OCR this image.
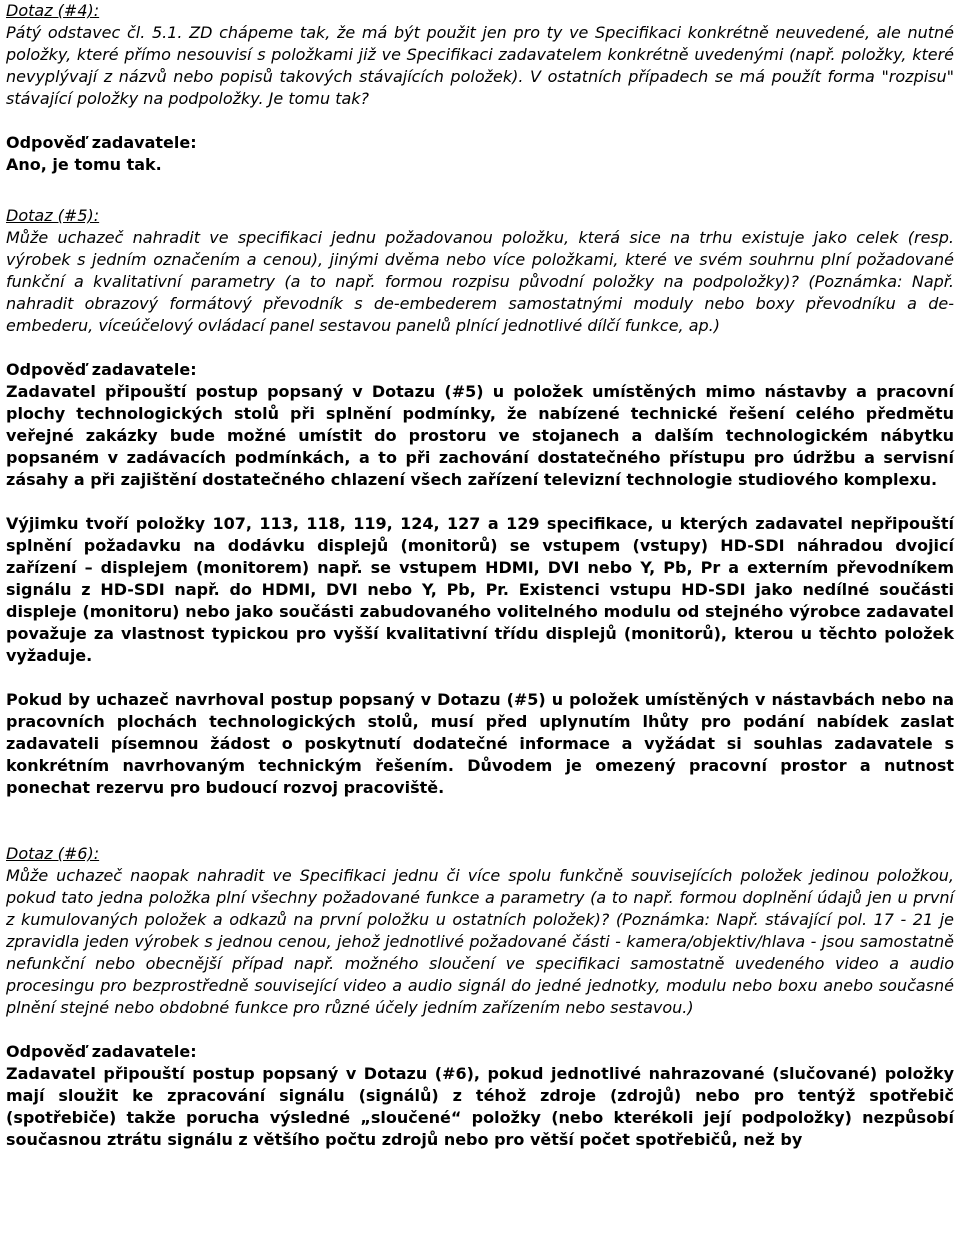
Dotaz (#4):

Pátý odstavec čl. 5.1. ZD chápeme tak, že má být použit jen pro ty ve Specifikaci konkrétně neuvedené, ale nutné položky, které přímo nesouvisí s položkami již ve Specifikaci zadavatelem konkrétně uvedenými (např. položky, které nevyplývají z názvů nebo popisů takových stávajících položek). V ostatních případech se má použít forma "rozpisu" stávající položky na podpoložky. Je tomu tak?

Odpověď zadavatele:

Ano, je tomu tak.

Dotaz (#5):

Může uchazeč nahradit ve specifikaci jednu požadovanou položku, která sice na trhu existuje jako celek (resp. výrobek s jedním označením a cenou), jinými dvěma nebo více položkami, které ve svém souhrnu plní požadované funkční a kvalitativní parametry (a to např. formou rozpisu původní položky na podpoložky)? (Poznámka: Např. nahradit obrazový formátový převodník s de-embederem samostatnými moduly nebo boxy převodníku a de-embederu, víceúčelový ovládací panel sestavou panelů plnící jednotlivé dílčí funkce, ap.)

Odpověď zadavatele:

Zadavatel připouští postup popsaný v Dotazu (#5) u položek umístěných mimo nástavby a pracovní plochy technologických stolů při splnění podmínky, že nabízené technické řešení celého předmětu veřejné zakázky bude možné umístit do prostoru ve stojanech a dalším technologickém nábytku popsaném v zadávacích podmínkách, a to při zachování dostatečného přístupu pro údržbu a servisní zásahy a při zajištění dostatečného chlazení všech zařízení televizní technologie studiového komplexu.

Výjimku tvoří položky 107, 113, 118, 119, 124, 127 a 129 specifikace, u kterých zadavatel nepřipouští splnění požadavku na dodávku displejů (monitorů) se vstupem (vstupy) HD-SDI náhradou dvojicí zařízení – displejem (monitorem) např. se vstupem HDMI, DVI nebo Y, Pb, Pr a externím převodníkem signálu z HD-SDI např. do HDMI, DVI nebo Y, Pb, Pr. Existenci vstupu HD-SDI jako nedílné součásti displeje (monitoru) nebo jako součásti zabudovaného volitelného modulu od stejného výrobce zadavatel považuje za vlastnost typickou pro vyšší kvalitativní třídu displejů (monitorů), kterou u těchto položek vyžaduje.

Pokud by uchazeč navrhoval postup popsaný v Dotazu (#5) u položek umístěných v nástavbách nebo na pracovních plochách technologických stolů, musí před uplynutím lhůty pro podání nabídek zaslat zadavateli písemnou žádost o poskytnutí dodatečné informace a vyžádat si souhlas zadavatele s konkrétním navrhovaným technickým řešením. Důvodem je omezený pracovní prostor a nutnost ponechat rezervu pro budoucí rozvoj pracoviště.

Dotaz (#6):

Může uchazeč naopak nahradit ve Specifikaci jednu či více spolu funkčně souvisejících položek jedinou položkou, pokud tato jedna položka plní všechny požadované funkce a parametry (a to např. formou doplnění údajů jen u první z kumulovaných položek a odkazů na první položku u ostatních položek)? (Poznámka: Např. stávající pol. 17 - 21 je zpravidla jeden výrobek s jednou cenou, jehož jednotlivé požadované části - kamera/objektiv/hlava - jsou samostatně nefunkční nebo obecnější případ např. možného sloučení ve specifikaci samostatně uvedeného video a audio procesingu pro bezprostředně související video a audio signál do jedné jednotky, modulu nebo boxu anebo současné plnění stejné nebo obdobné funkce pro různé účely jedním zařízením nebo sestavou.)

Odpověď zadavatele:

Zadavatel připouští postup popsaný v Dotazu (#6), pokud jednotlivé nahrazované (slučované) položky mají sloužit ke zpracování signálu (signálů) z téhož zdroje (zdrojů) nebo pro tentýž spotřebič (spotřebiče) takže porucha výsledné „sloučené“ položky (nebo kterékoli její podpoložky) nezpůsobí současnou ztrátu signálu z většího počtu zdrojů nebo pro větší počet spotřebičů, než by
